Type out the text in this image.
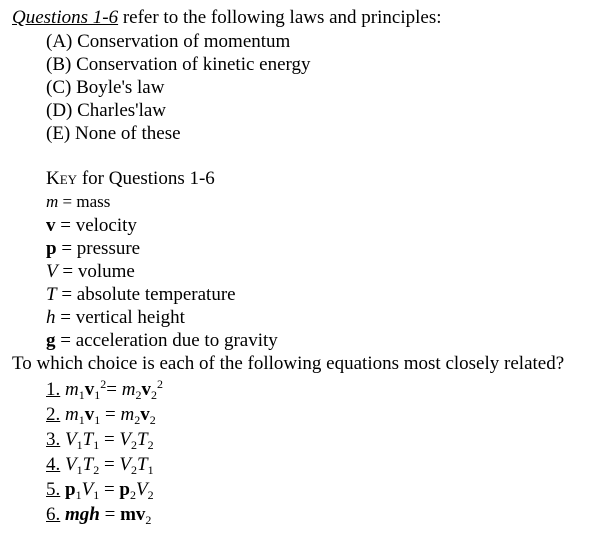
Questions 1-6 refer to the following laws and principles:
(A) Conservation of momentum
(B) Conservation of kinetic energy
(C) Boyle's law
(D) Charles'law
(E) None of these
Key for Questions 1-6
m = mass
v = velocity
p = pressure
V = volume
T = absolute temperature
h = vertical height
g = acceleration due to gravity
To which choice is each of the following equations most closely related?
1. $m_1v_1^2= m_2v_2^2$
2. $m_1v_1 = m_2v_2$
3. $V_1T_1 = V_2T_2$
4. $V_1T_2 = V_2T_1$
5. $p_1V_1 = p_2V_2$
6. mgh = $mv_2$
